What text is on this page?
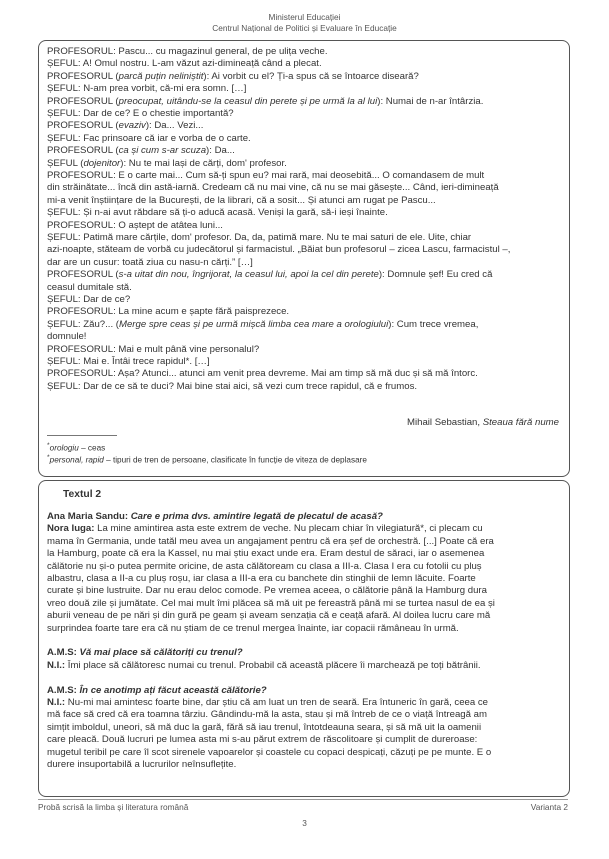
Ministerul Educației
Centrul Național de Politici și Evaluare în Educație
PROFESORUL: Pascu... cu magazinul general, de pe ulița veche.
ȘEFUL: A! Omul nostru. L-am văzut azi-dimineață când a plecat.
PROFESORUL (parcă puțin neliniștit): Ai vorbit cu el? Ți-a spus că se întoarce diseară?
ȘEFUL: N-am prea vorbit, că-mi era somn. […]
PROFESORUL (preocupat, uitându-se la ceasul din perete și pe urmă la al lui): Numai de n-ar întârzia.
ȘEFUL: Dar de ce? E o chestie importantă?
PROFESORUL (evaziv): Da... Vezi...
ȘEFUL: Fac prinsoare că iar e vorba de o carte.
PROFESORUL (ca și cum s-ar scuza): Da...
ȘEFUL (dojenitor): Nu te mai lași de cărți, dom' profesor.
PROFESORUL: E o carte mai... Cum să-ți spun eu? mai rară, mai deosebită... O comandasem de mult
din străinătate... încă din astă-iarnă. Credeam că nu mai vine, că nu se mai găsește... Când, ieri-dimineață
mi-a venit înștiințare de la București, de la librari, că a sosit... Și atunci am rugat pe Pascu...
ȘEFUL: Și n-ai avut răbdare să ți-o aducă acasă. Veniși la gară, să-i ieși înainte.
PROFESORUL: O aștept de atâtea luni...
ȘEFUL: Patimă mare cărțile, dom' profesor. Da, da, patimă mare. Nu te mai saturi de ele. Uite, chiar
azi-noapte, stăteam de vorbă cu judecătorul și farmacistul. „Băiat bun profesorul – zicea Lascu, farmacistul –,
dar are un cusur: toată ziua cu nasu-n cărți.” […]
PROFESORUL (s-a uitat din nou, îngrijorat, la ceasul lui, apoi la cel din perete): Domnule șef! Eu cred că
ceasul dumitale stă.
ȘEFUL: Dar de ce?
PROFESORUL: La mine acum e șapte fără paisprezece.
ȘEFUL: Zău?... (Merge spre ceas și pe urmă mișcă limba cea mare a orologiului): Cum trece vremea,
domnule!
PROFESORUL: Mai e mult până vine personalul?
ȘEFUL: Mai e. Întâi trece rapidul*. […]
PROFESORUL: Așa? Atunci... atunci am venit prea devreme. Mai am timp să mă duc și să mă întorc.
ȘEFUL: Dar de ce să te duci? Mai bine stai aici, să vezi cum trece rapidul, că e frumos.
Mihail Sebastian, Steaua fără nume
*orologiu – ceas
*personal, rapid – tipuri de tren de persoane, clasificate în funcție de viteza de deplasare
Textul 2
Ana Maria Sandu: Care e prima dvs. amintire legată de plecatul de acasă?
Nora Iuga: La mine amintirea asta este extrem de veche. Nu plecam chiar în vilegiatură*, ci plecam cu
mama în Germania, unde tatăl meu avea un angajament pentru că era șef de orchestră. [...] Poate că era
la Hamburg, poate că era la Kassel, nu mai știu exact unde era. Eram destul de săraci, iar o asemenea
călătorie nu și-o putea permite oricine, de asta călătoream cu clasa a III-a. Clasa I era cu fotolii cu pluș
albastru, clasa a II-a cu pluș roșu, iar clasa a III-a era cu banchete din stinghii de lemn lăcuite. Foarte
curate și bine lustruite. Dar nu erau deloc comode. Pe vremea aceea, o călătorie până la Hamburg dura
vreo două zile și jumătate. Cel mai mult îmi plăcea să mă uit pe fereastră până mi se turtea nasul de ea și
aburii veneau de pe nări și din gură pe geam și aveam senzația că e ceață afară. Al doilea lucru care mă
surprindea foarte tare era că nu știam de ce trenul mergea înainte, iar copacii rămâneau în urmă.
A.M.S: Vă mai place să călătoriți cu trenul?
N.I.: Îmi place să călătoresc numai cu trenul. Probabil că această plăcere îi marchează pe toți bătrânii.
A.M.S: În ce anotimp ați făcut această călătorie?
N.I.: Nu-mi mai amintesc foarte bine, dar știu că am luat un tren de seară. Era întuneric în gară, ceea ce
mă face să cred că era toamna târziu. Gândindu-mă la asta, stau și mă întreb de ce o viață întreagă am
simțit imboldul, uneori, să mă duc la gară, fără să iau trenul, întotdeauna seara, și să mă uit la oamenii
care pleacă. Două lucruri pe lumea asta mi s-au părut extrem de răscolitoare și cumplit de dureroase:
mugetul teribil pe care îl scot sirenele vapoarelor și coastele cu copaci despicați, căzuți pe pe munte. E o
durere insuportabilă a lucrurilor neînsuflețite.
Probă scrisă la limba și literatura română	Varianta 2
3
